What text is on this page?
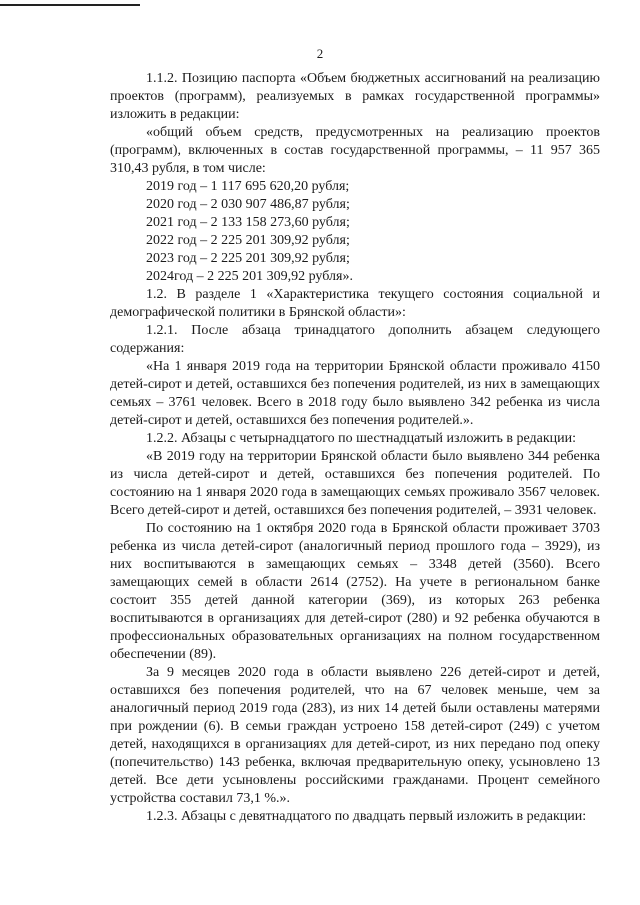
2

1.1.2. Позицию паспорта «Объем бюджетных ассигнований на реализацию проектов (программ), реализуемых в рамках государственной программы» изложить в редакции:

«общий объем средств, предусмотренных на реализацию проектов (программ), включенных в состав государственной программы, – 11 957 365 310,43 рубля, в том числе:

2019 год – 1 117 695 620,20 рубля;

2020 год – 2 030 907 486,87 рубля;

2021 год – 2 133 158 273,60 рубля;

2022 год – 2 225 201 309,92 рубля;

2023 год – 2 225 201 309,92 рубля;

2024год – 2 225 201 309,92 рубля».

1.2. В разделе 1 «Характеристика текущего состояния социальной и демографической политики в Брянской области»:

1.2.1. После абзаца тринадцатого дополнить абзацем следующего содержания:

«На 1 января 2019 года на территории Брянской области проживало 4150 детей-сирот и детей, оставшихся без попечения родителей, из них в замещающих семьях – 3761 человек. Всего в 2018 году было выявлено 342 ребенка из числа детей-сирот и детей, оставшихся без попечения родителей.».

1.2.2. Абзацы с четырнадцатого по шестнадцатый изложить в редакции:

«В 2019 году на территории Брянской области было выявлено 344 ребенка из числа детей-сирот и детей, оставшихся без попечения родителей. По состоянию на 1 января 2020 года в замещающих семьях проживало 3567 человек. Всего детей-сирот и детей, оставшихся без попечения родителей, – 3931 человек.

По состоянию на 1 октября 2020 года в Брянской области проживает 3703 ребенка из числа детей-сирот (аналогичный период прошлого года – 3929), из них воспитываются в замещающих семьях – 3348 детей (3560). Всего замещающих семей в области 2614 (2752). На учете в региональном банке состоит 355 детей данной категории (369), из которых 263 ребенка воспитываются в организациях для детей-сирот (280) и 92 ребенка обучаются в профессиональных образовательных организациях на полном государственном обеспечении (89).

За 9 месяцев 2020 года в области выявлено 226 детей-сирот и детей, оставшихся без попечения родителей, что на 67 человек меньше, чем за аналогичный период 2019 года (283), из них 14 детей были оставлены матерями при рождении (6). В семьи граждан устроено 158 детей-сирот (249) с учетом детей, находящихся в организациях для детей-сирот, из них передано под опеку (попечительство) 143 ребенка, включая предварительную опеку, усыновлено 13 детей. Все дети усыновлены российскими гражданами. Процент семейного устройства составил 73,1 %.».

1.2.3. Абзацы с девятнадцатого по двадцать первый изложить в редакции:
